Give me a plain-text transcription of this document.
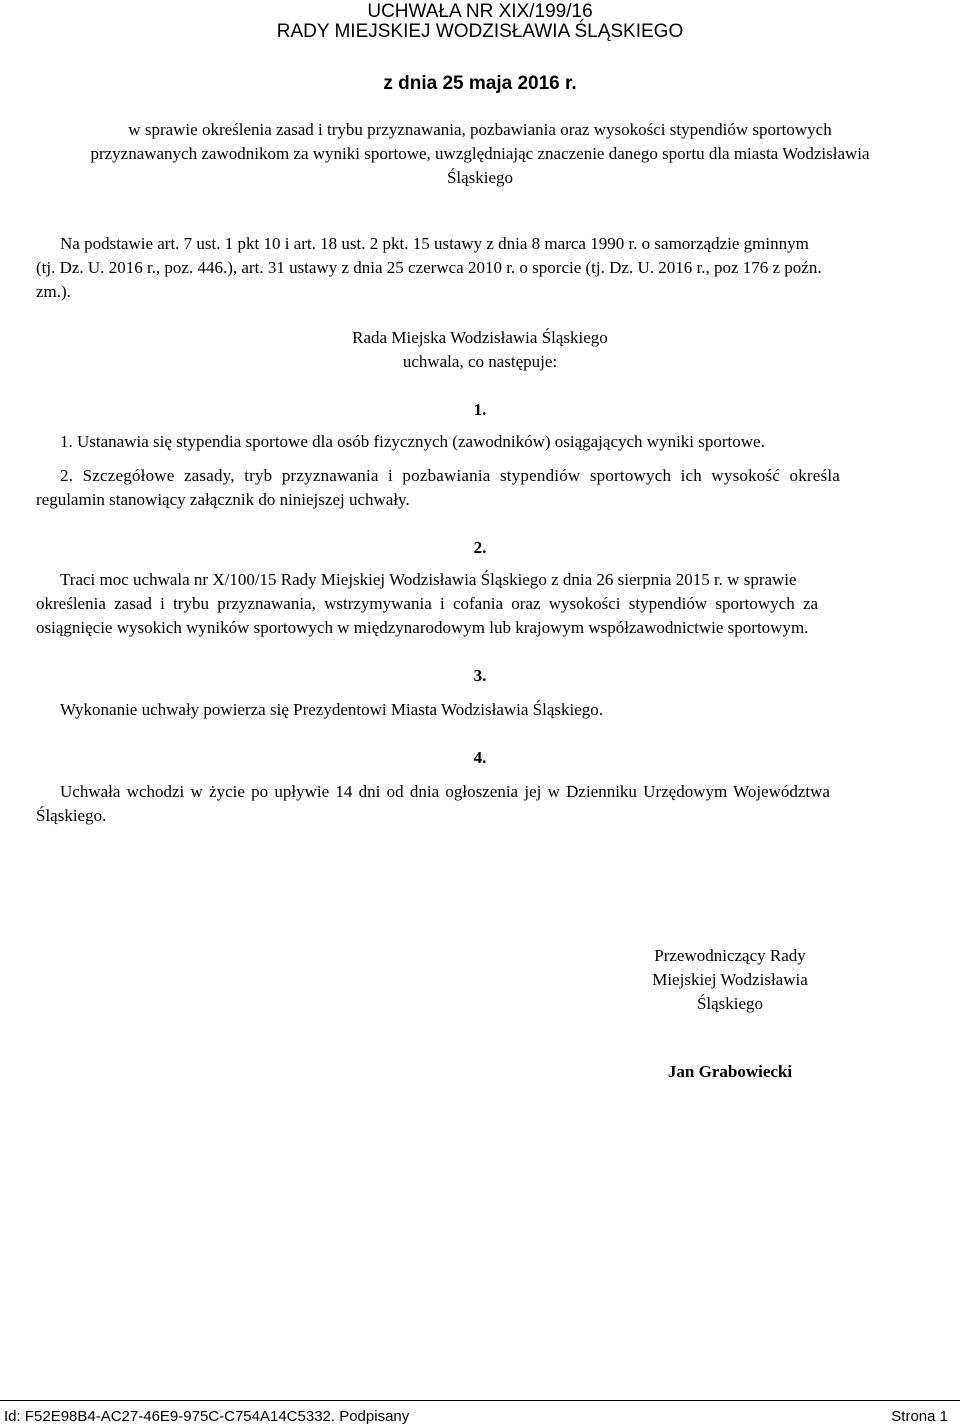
UCHWAŁA NR XIX/199/16

RADY MIEJSKIEJ WODZISŁAWIA ŚLĄSKIEGO

z dnia 25 maja 2016 r.

w sprawie określenia zasad i trybu przyznawania, pozbawiania oraz wysokości stypendiów sportowych

przyznawanych zawodnikom za wyniki sportowe, uwzględniając znaczenie danego sportu dla miasta Wodzisławia

Śląskiego

Na podstawie art. 7 ust. 1 pkt 10 i art. 18 ust. 2 pkt. 15 ustawy z dnia 8 marca 1990 r. o samorządzie gminnym

(tj. Dz. U. 2016 r., poz. 446.), art. 31 ustawy z dnia 25 czerwca 2010 r. o sporcie (tj. Dz. U. 2016 r., poz 176 z poźn.

zm.).

Rada Miejska Wodzisławia Śląskiego

uchwala, co następuje:

1.

1. Ustanawia się stypendia sportowe dla osób fizycznych (zawodników) osiągających wyniki sportowe.

2. Szczegółowe zasady, tryb przyznawania i pozbawiania stypendiów sportowych ich wysokość określa

regulamin stanowiący załącznik do niniejszej uchwały.

2.

Traci moc uchwala nr X/100/15 Rady Miejskiej Wodzisławia Śląskiego z dnia 26 sierpnia 2015 r. w sprawie

określenia zasad i trybu przyznawania, wstrzymywania i cofania oraz wysokości stypendiów sportowych za

osiągnięcie wysokich wyników sportowych w międzynarodowym lub krajowym współzawodnictwie sportowym.

3.

Wykonanie uchwały powierza się Prezydentowi Miasta Wodzisławia Śląskiego.

4.

Uchwała wchodzi w życie po upływie 14 dni od dnia ogłoszenia jej w Dzienniku Urzędowym Województwa

Śląskiego.

Przewodniczący Rady

Miejskiej Wodzisławia

Śląskiego

Jan Grabowiecki

Id: F52E98B4-AC27-46E9-975C-C754A14C5332. Podpisany	Strona 1
